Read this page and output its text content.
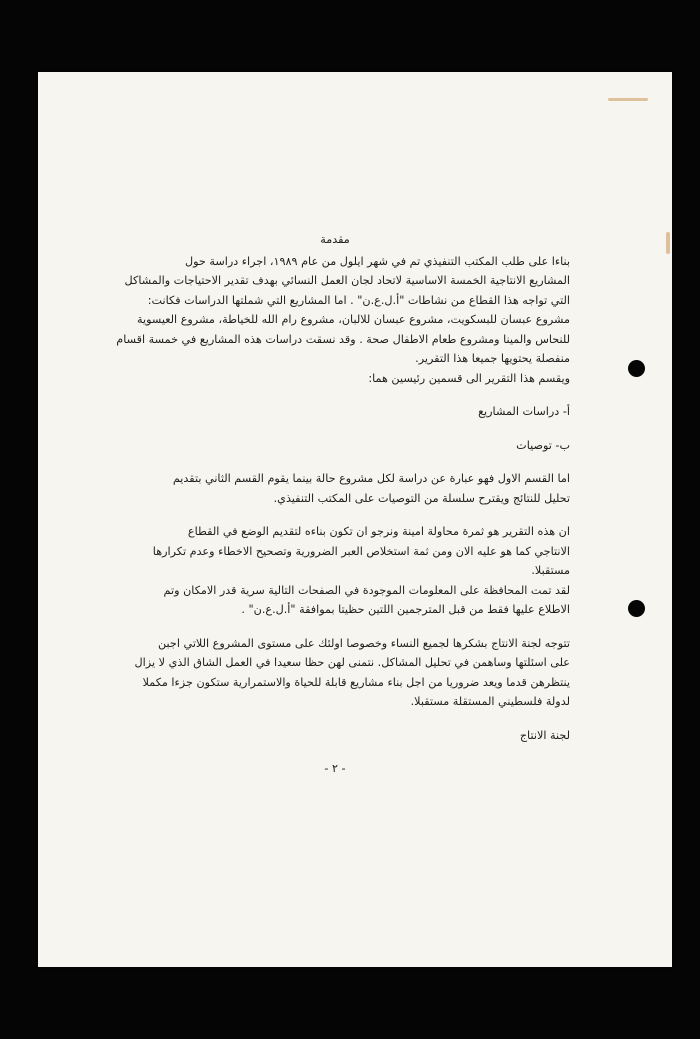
مقدمة

بناءا على طلب المكتب التنفيذي تم في شهر ايلول من عام ١٩٨٩، اجراء دراسة حول

المشاريع الانتاجية الخمسة الاساسية لاتحاد لجان العمل النسائي بهدف تقدير الاحتياجات والمشاكل

التي تواجه هذا القطاع من نشاطات "أ.ل.ع.ن" . اما المشاريع التي شملتها الدراسات فكانت:

مشروع عبسان للبسكويت، مشروع عبسان للالبان، مشروع رام الله للخياطة، مشروع العيسوية

للنحاس والمينا ومشروع طعام الاطفال صحة . وقد نسقت دراسات هذه المشاريع في خمسة اقسام

منفصلة يحتويها جميعا هذا التقرير.

ويقسم هذا التقرير الى قسمين رئيسين هما:

أ- دراسات المشاريع

ب- توصيات

اما القسم الاول فهو عبارة عن دراسة لكل مشروع حالة بينما يقوم القسم الثاني بتقديم

تحليل للنتائج ويقترح سلسلة من التوصيات على المكتب التنفيذي.

ان هذه التقرير هو ثمرة محاولة امينة ونرجو ان تكون بناءه لتقديم الوضع في القطاع

الانتاجي كما هو عليه الان ومن ثمة استخلاص العبر الضرورية وتصحيح الاخطاء وعدم تكرارها

مستقبلا.

لقد تمت المحافظة على المعلومات الموجودة في الصفحات التالية سرية قدر الامكان وتم

الاطلاع عليها فقط من قبل المترجمين اللتين حظيتا بموافقة "أ.ل.ع.ن" .

تتوجه لجنة الانتاج بشكرها لجميع النساء وخصوصا اولئك على مستوى المشروع اللاتي اجبن

على اسئلتها وساهمن في تحليل المشاكل. نتمنى لهن حظا سعيدا في العمل الشاق الذي لا يزال

ينتظرهن قدما ويعد ضروريا من اجل بناء مشاريع قابلة للحياة والاستمرارية ستكون جزءا مكملا

لدولة فلسطيني المستقلة مستقبلا.

لجنة الانتاج

- ٢ -
